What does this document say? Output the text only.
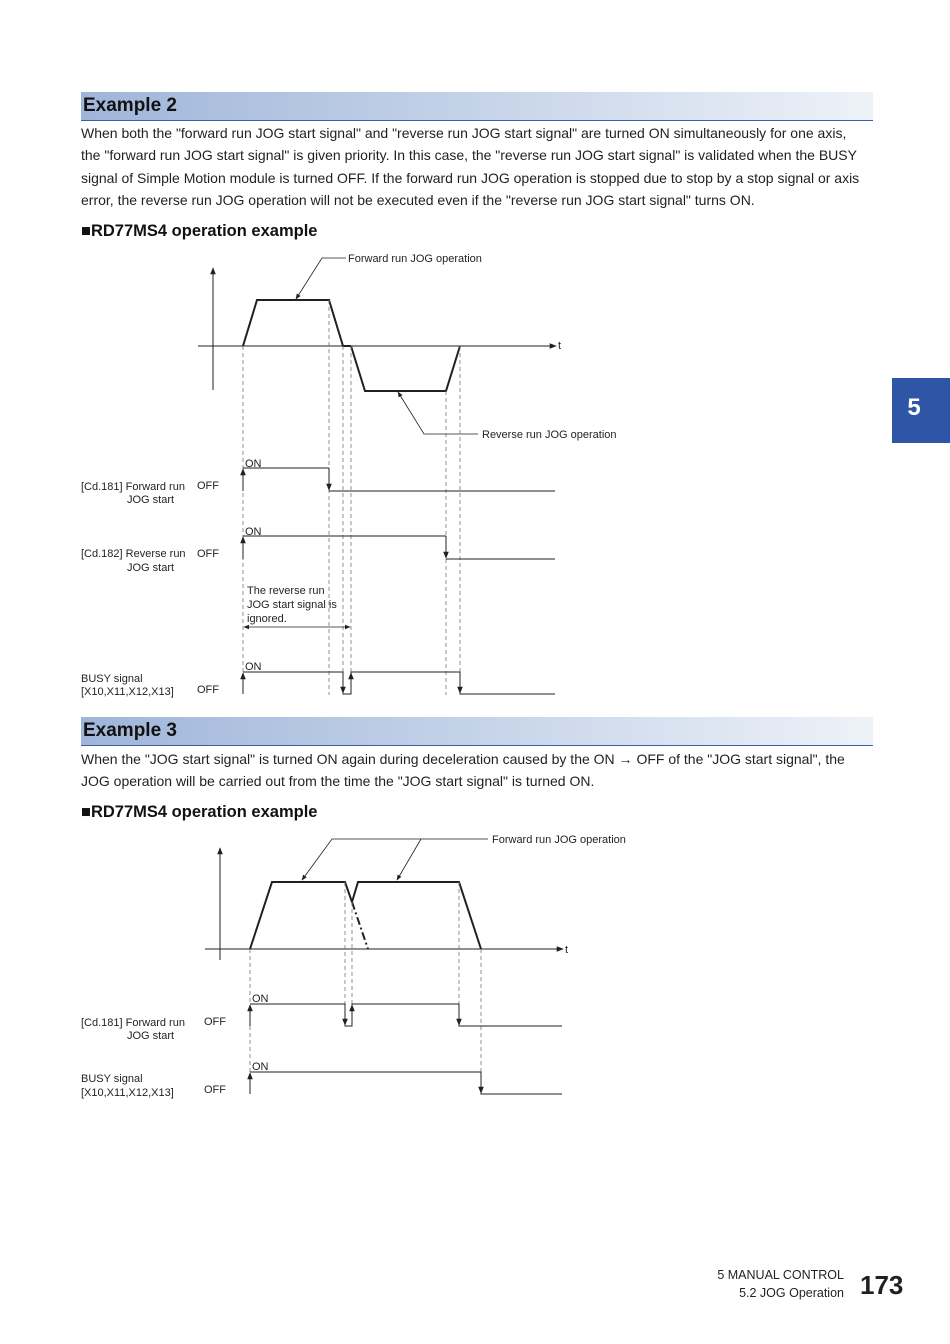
Example 2
When both the "forward run JOG start signal" and "reverse run JOG start signal" are turned ON simultaneously for one axis,
the "forward run JOG start signal" is given priority. In this case, the "reverse run JOG start signal" is validated when the BUSY
signal of Simple Motion module is turned OFF. If the forward run JOG operation is stopped due to stop by a stop signal or axis
error, the reverse run JOG operation will not be executed even if the "reverse run JOG start signal" turns ON.
■RD77MS4 operation example
Example 3
When the "JOG start signal" is turned ON again during deceleration caused by the ON → OFF of the "JOG start signal", the
JOG operation will be carried out from the time the "JOG start signal" is turned ON.
■RD77MS4 operation example
t
Forward run JOG operation
Reverse run JOG operation
[Cd.181] Forward run
JOG start
OFF
ON
[Cd.182] Reverse run
JOG start
OFF
ON
The reverse run
JOG start signal is
ignored.
BUSY signal
[X10,X11,X12,X13] OFF
ON
t
Forward run JOG operation
[Cd.181] Forward run
JOG start
OFF
ON
BUSY signal
[X10,X11,X12,X13]	OFF
ON
5
5 MANUAL CONTROL
5.2 JOG Operation 173
